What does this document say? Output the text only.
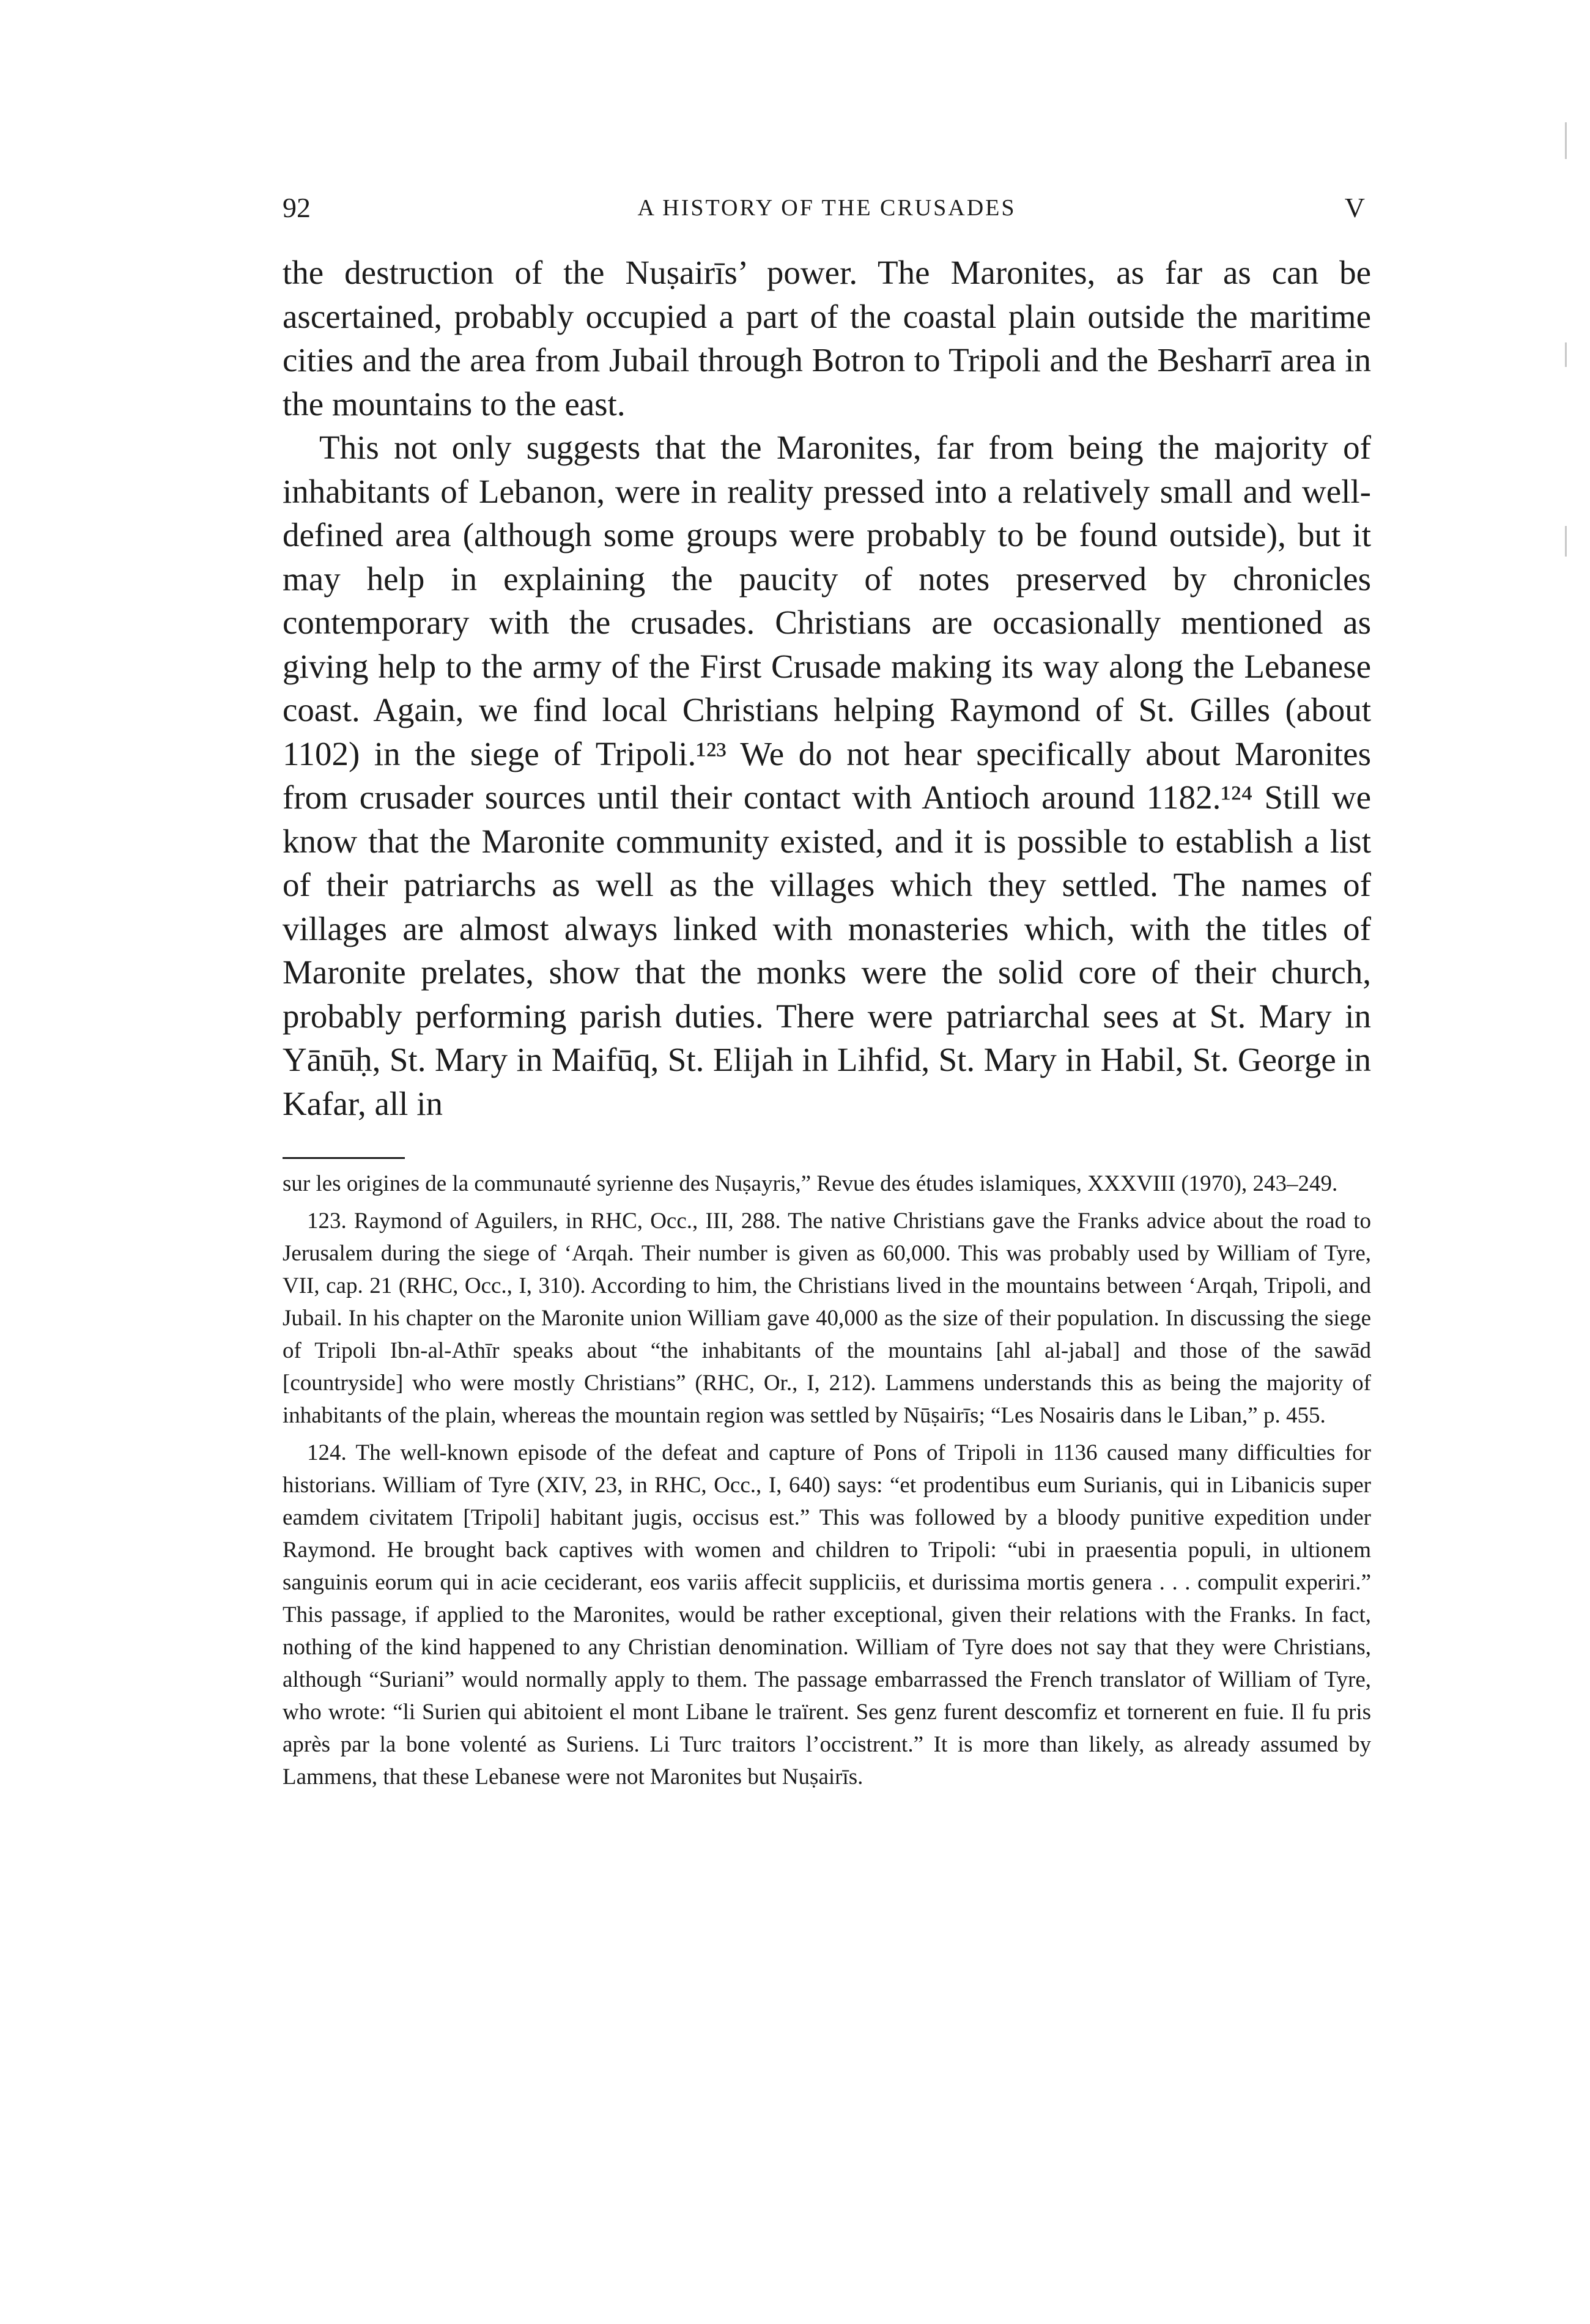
92	A HISTORY OF THE CRUSADES	V

the destruction of the Nuṣairīs’ power. The Maronites, as far as can be ascertained, probably occupied a part of the coastal plain outside the maritime cities and the area from Jubail through Botron to Tripoli and the Besharrī area in the mountains to the east.

This not only suggests that the Maronites, far from being the majority of inhabitants of Lebanon, were in reality pressed into a relatively small and well-defined area (although some groups were probably to be found outside), but it may help in explaining the paucity of notes preserved by chronicles contemporary with the crusades. Christians are occasionally mentioned as giving help to the army of the First Crusade making its way along the Lebanese coast. Again, we find local Christians helping Raymond of St. Gilles (about 1102) in the siege of Tripoli.¹²³ We do not hear specifically about Maronites from crusader sources until their contact with Antioch around 1182.¹²⁴ Still we know that the Maronite community existed, and it is possible to establish a list of their patriarchs as well as the villages which they settled. The names of villages are almost always linked with monasteries which, with the titles of Maronite prelates, show that the monks were the solid core of their church, probably performing parish duties. There were patriarchal sees at St. Mary in Yānūḥ, St. Mary in Maifūq, St. Elijah in Lihfid, St. Mary in Habil, St. George in Kafar, all in

sur les origines de la communauté syrienne des Nuṣayris,” Revue des études islamiques, XXXVIII (1970), 243–249.

123. Raymond of Aguilers, in RHC, Occ., III, 288. The native Christians gave the Franks advice about the road to Jerusalem during the siege of ‘Arqah. Their number is given as 60,000. This was probably used by William of Tyre, VII, cap. 21 (RHC, Occ., I, 310). According to him, the Christians lived in the mountains between ‘Arqah, Tripoli, and Jubail. In his chapter on the Maronite union William gave 40,000 as the size of their population. In discussing the siege of Tripoli Ibn-al-Athīr speaks about “the inhabitants of the mountains [ahl al-jabal] and those of the sawād [countryside] who were mostly Christians” (RHC, Or., I, 212). Lammens understands this as being the majority of inhabitants of the plain, whereas the mountain region was settled by Nūṣairīs; “Les Nosairis dans le Liban,” p. 455.

124. The well-known episode of the defeat and capture of Pons of Tripoli in 1136 caused many difficulties for historians. William of Tyre (XIV, 23, in RHC, Occ., I, 640) says: “et prodentibus eum Surianis, qui in Libanicis super eamdem civitatem [Tripoli] habitant jugis, occisus est.” This was followed by a bloody punitive expedition under Raymond. He brought back captives with women and children to Tripoli: “ubi in praesentia populi, in ultionem sanguinis eorum qui in acie ceciderant, eos variis affecit suppliciis, et durissima mortis genera . . . compulit experiri.” This passage, if applied to the Maronites, would be rather exceptional, given their relations with the Franks. In fact, nothing of the kind happened to any Christian denomination. William of Tyre does not say that they were Christians, although “Suriani” would normally apply to them. The passage embarrassed the French translator of William of Tyre, who wrote: “li Surien qui abitoient el mont Libane le traïrent. Ses genz furent descomfiz et tornerent en fuie. Il fu pris après par la bone volenté as Suriens. Li Turc traitors l’occistrent.” It is more than likely, as already assumed by Lammens, that these Lebanese were not Maronites but Nuṣairīs.
